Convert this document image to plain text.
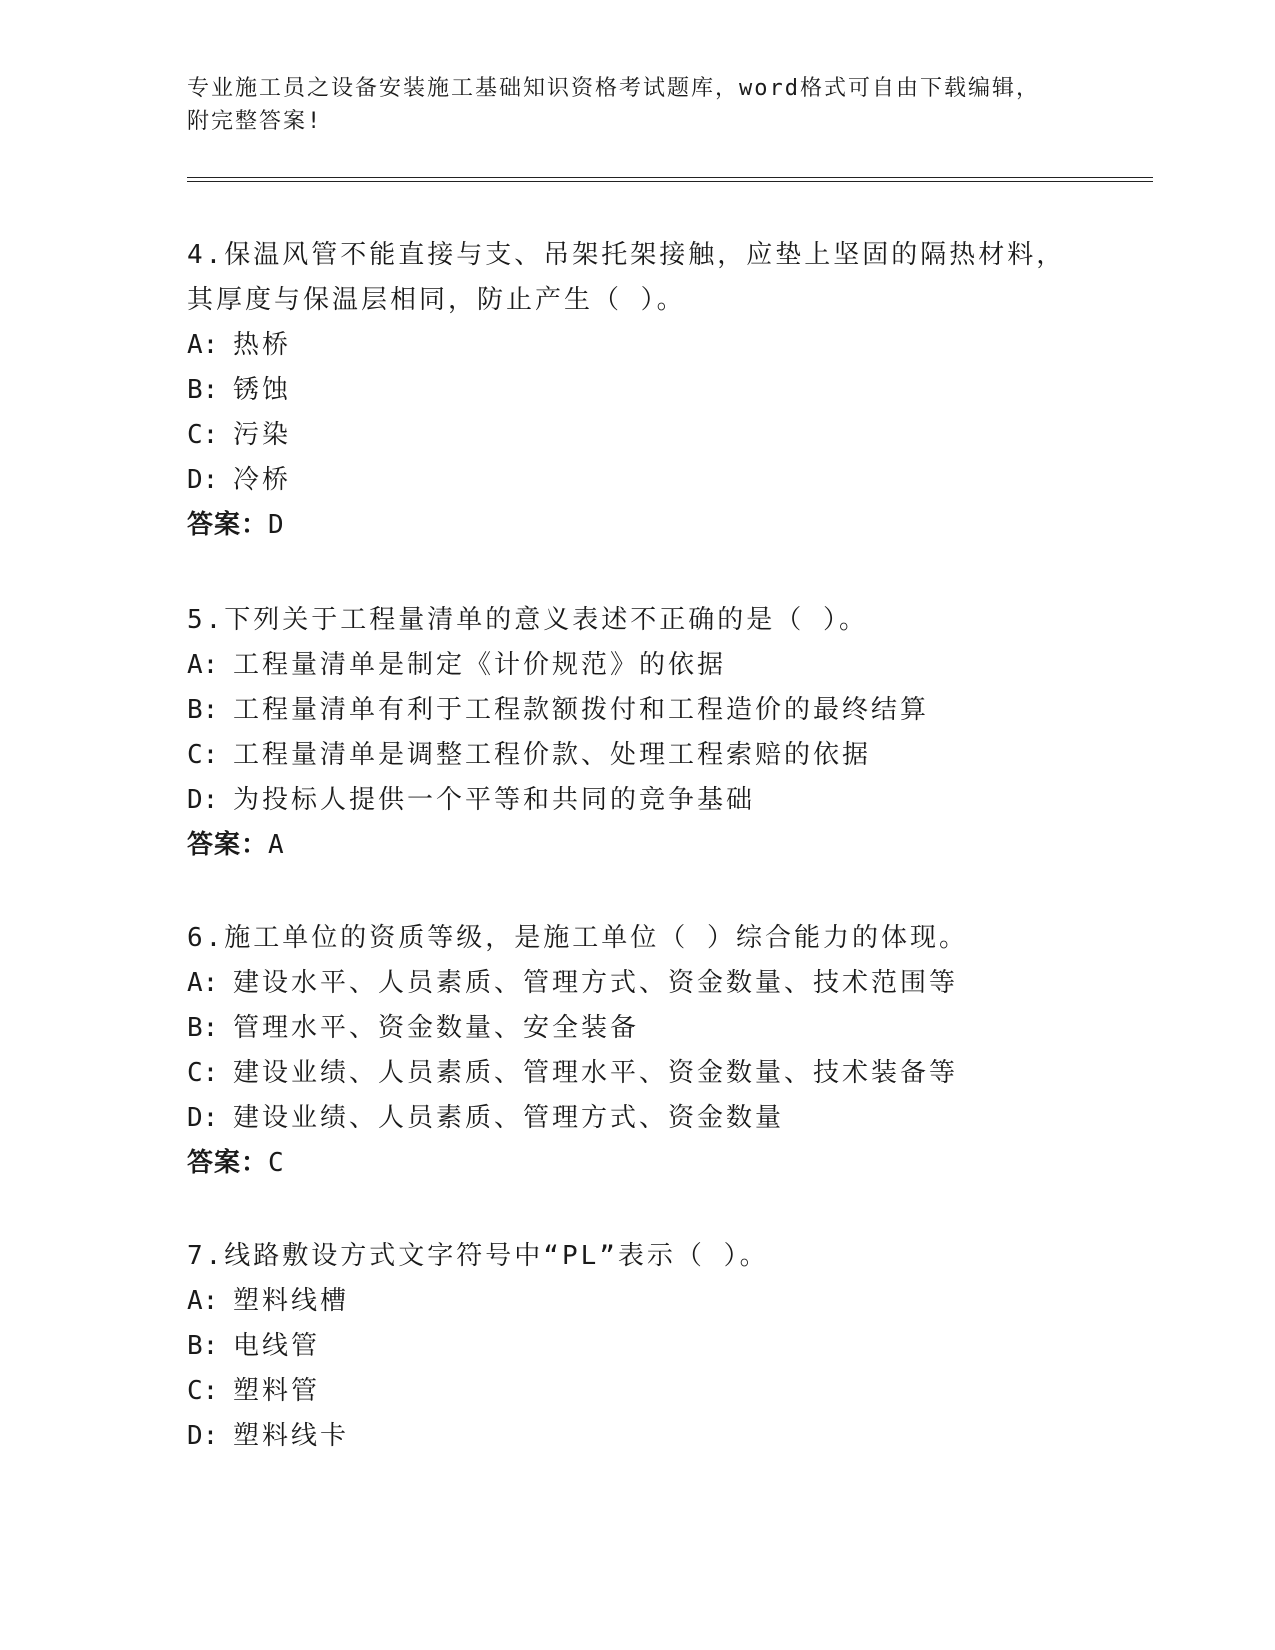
专业施工员之设备安装施工基础知识资格考试题库，word格式可自由下载编辑，
附完整答案!

4.保温风管不能直接与支、吊架托架接触，应垫上坚固的隔热材料，

其厚度与保温层相同，防止产生（ ）。

A: 热桥

B: 锈蚀

C: 污染

D: 冷桥

答案：D

5.下列关于工程量清单的意义表述不正确的是（ ）。

A: 工程量清单是制定《计价规范》的依据

B: 工程量清单有利于工程款额拨付和工程造价的最终结算

C: 工程量清单是调整工程价款、处理工程索赔的依据

D: 为投标人提供一个平等和共同的竞争基础

答案：A

6.施工单位的资质等级，是施工单位（ ）综合能力的体现。

A: 建设水平、人员素质、管理方式、资金数量、技术范围等

B: 管理水平、资金数量、安全装备

C: 建设业绩、人员素质、管理水平、资金数量、技术装备等

D: 建设业绩、人员素质、管理方式、资金数量

答案：C

7.线路敷设方式文字符号中“PL”表示（ ）。

A: 塑料线槽

B: 电线管

C: 塑料管

D: 塑料线卡
